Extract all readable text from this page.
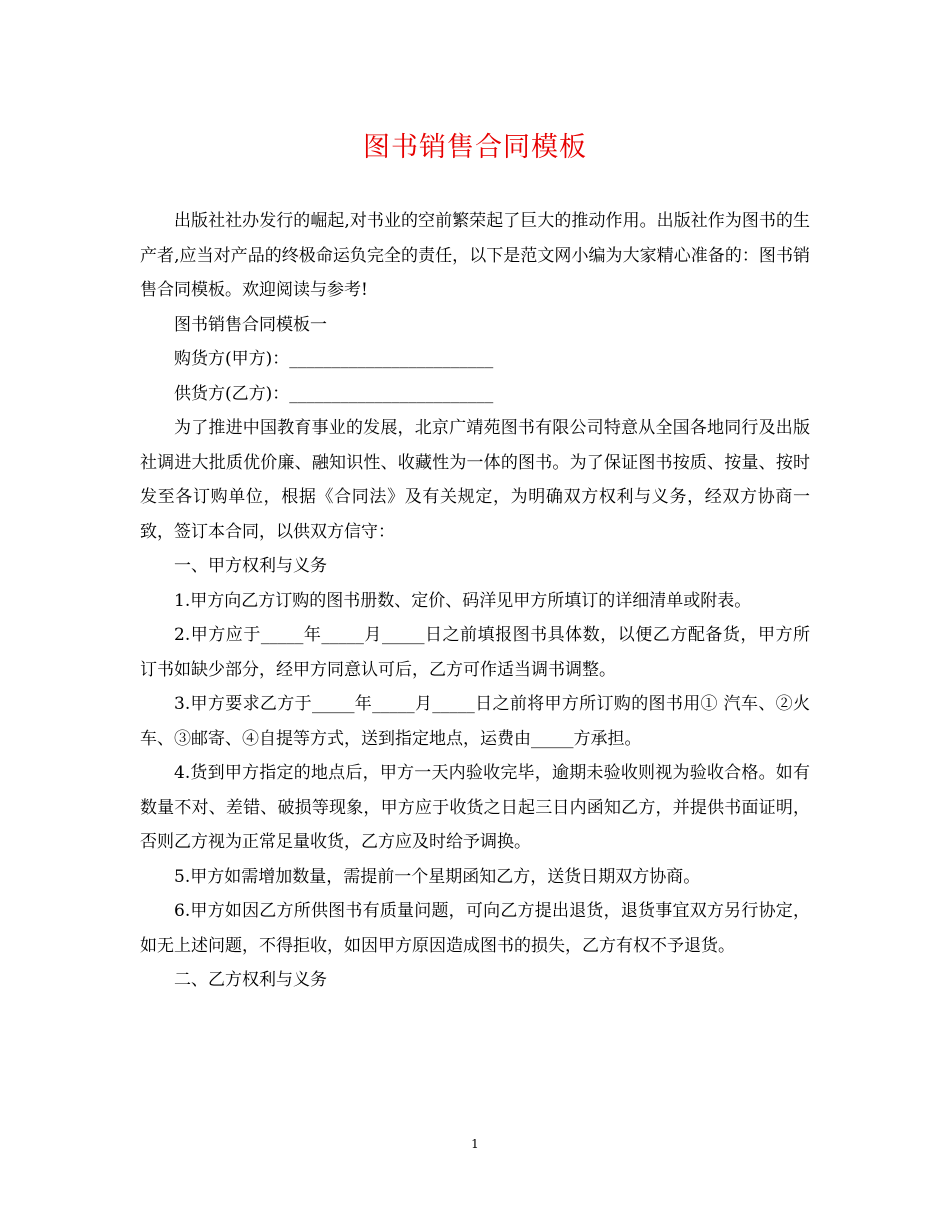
图书销售合同模板

出版社社办发行的崛起,对书业的空前繁荣起了巨大的推动作用。出版社作为图书的生产者,应当对产品的终极命运负完全的责任，以下是范文网小编为大家精心准备的：图书销售合同模板。欢迎阅读与参考!

图书销售合同模板一

购货方(甲方)：________________________

供货方(乙方)：________________________

为了推进中国教育事业的发展，北京广靖苑图书有限公司特意从全国各地同行及出版社调进大批质优价廉、融知识性、收藏性为一体的图书。为了保证图书按质、按量、按时发至各订购单位，根据《合同法》及有关规定，为明确双方权利与义务，经双方协商一致，签订本合同，以供双方信守：

一、甲方权利与义务

1.甲方向乙方订购的图书册数、定价、码洋见甲方所填订的详细清单或附表。

2.甲方应于_____年_____月_____日之前填报图书具体数，以便乙方配备货，甲方所订书如缺少部分，经甲方同意认可后，乙方可作适当调书调整。

3.甲方要求乙方于_____年_____月_____日之前将甲方所订购的图书用① 汽车、②火车、③邮寄、④自提等方式，送到指定地点，运费由_____方承担。

4.货到甲方指定的地点后，甲方一天内验收完毕，逾期未验收则视为验收合格。如有数量不对、差错、破损等现象，甲方应于收货之日起三日内函知乙方，并提供书面证明，否则乙方视为正常足量收货，乙方应及时给予调换。

5.甲方如需增加数量，需提前一个星期函知乙方，送货日期双方协商。

6.甲方如因乙方所供图书有质量问题，可向乙方提出退货，退货事宜双方另行协定，如无上述问题，不得拒收，如因甲方原因造成图书的损失，乙方有权不予退货。

二、乙方权利与义务

1
